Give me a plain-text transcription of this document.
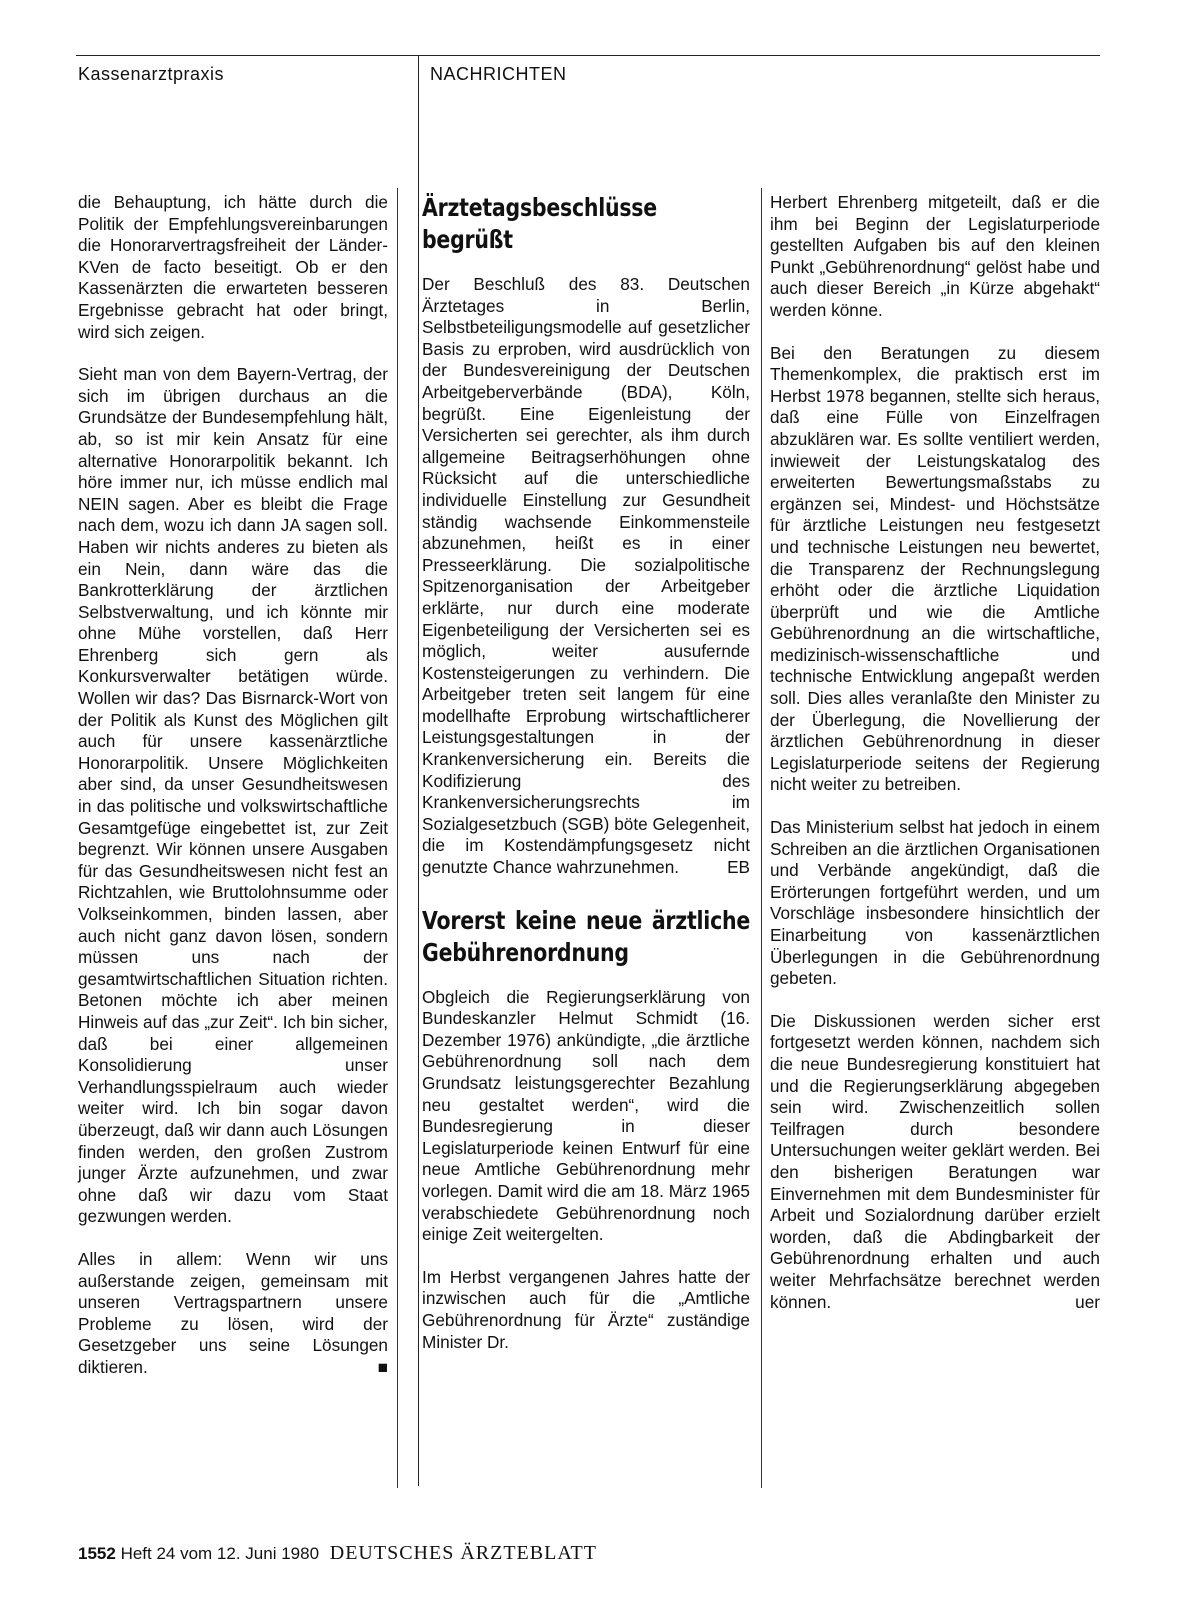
Kassenarztpraxis	NACHRICHTEN

die Behauptung, ich hätte durch die Politik der Empfehlungsvereinbarungen die Honorarvertragsfreiheit der Länder-KVen de facto beseitigt. Ob er den Kassenärzten die erwarteten besseren Ergebnisse gebracht hat oder bringt, wird sich zeigen.

Sieht man von dem Bayern-Vertrag, der sich im übrigen durchaus an die Grundsätze der Bundesempfehlung hält, ab, so ist mir kein Ansatz für eine alternative Honorarpolitik bekannt. Ich höre immer nur, ich müsse endlich mal NEIN sagen. Aber es bleibt die Frage nach dem, wozu ich dann JA sagen soll. Haben wir nichts anderes zu bieten als ein Nein, dann wäre das die Bankrotterklärung der ärztlichen Selbstverwaltung, und ich könnte mir ohne Mühe vorstellen, daß Herr Ehrenberg sich gern als Konkursverwalter betätigen würde. Wollen wir das? Das Bisrnarck-Wort von der Politik als Kunst des Möglichen gilt auch für unsere kassenärztliche Honorarpolitik. Unsere Möglichkeiten aber sind, da unser Gesundheitswesen in das politische und volkswirtschaftliche Gesamtgefüge eingebettet ist, zur Zeit begrenzt. Wir können unsere Ausgaben für das Gesundheitswesen nicht fest an Richtzahlen, wie Bruttolohnsumme oder Volkseinkommen, binden lassen, aber auch nicht ganz davon lösen, sondern müssen uns nach der gesamtwirtschaftlichen Situation richten. Betonen möchte ich aber meinen Hinweis auf das „zur Zeit“. Ich bin sicher, daß bei einer allgemeinen Konsolidierung unser Verhandlungsspielraum auch wieder weiter wird. Ich bin sogar davon überzeugt, daß wir dann auch Lösungen finden werden, den großen Zustrom junger Ärzte aufzunehmen, und zwar ohne daß wir dazu vom Staat gezwungen werden.

Alles in allem: Wenn wir uns außerstande zeigen, gemeinsam mit unseren Vertragspartnern unsere Probleme zu lösen, wird der Gesetzgeber uns seine Lösungen diktieren.	■

Ärztetagsbeschlüsse begrüßt

Der Beschluß des 83. Deutschen Ärztetages in Berlin, Selbstbeteiligungsmodelle auf gesetzlicher Basis zu erproben, wird ausdrücklich von der Bundesvereinigung der Deutschen Arbeitgeberverbände (BDA), Köln, begrüßt. Eine Eigenleistung der Versicherten sei gerechter, als ihm durch allgemeine Beitragserhöhungen ohne Rücksicht auf die unterschiedliche individuelle Einstellung zur Gesundheit ständig wachsende Einkommensteile abzunehmen, heißt es in einer Presseerklärung. Die sozialpolitische Spitzenorganisation der Arbeitgeber erklärte, nur durch eine moderate Eigenbeteiligung der Versicherten sei es möglich, weiter ausufernde Kostensteigerungen zu verhindern. Die Arbeitgeber treten seit langem für eine modellhafte Erprobung wirtschaftlicherer Leistungsgestaltungen in der Krankenversicherung ein. Bereits die Kodifizierung des Krankenversicherungsrechts im Sozialgesetzbuch (SGB) böte Gelegenheit, die im Kostendämpfungsgesetz nicht genutzte Chance wahrzunehmen.	EB

Vorerst keine neue ärztliche Gebührenordnung

Obgleich die Regierungserklärung von Bundeskanzler Helmut Schmidt (16. Dezember 1976) ankündigte, „die ärztliche Gebührenordnung soll nach dem Grundsatz leistungsgerechter Bezahlung neu gestaltet werden“, wird die Bundesregierung in dieser Legislaturperiode keinen Entwurf für eine neue Amtliche Gebührenordnung mehr vorlegen. Damit wird die am 18. März 1965 verabschiedete Gebührenordnung noch einige Zeit weitergelten.

Im Herbst vergangenen Jahres hatte der inzwischen auch für die „Amtliche Gebührenordnung für Ärzte“ zuständige Minister Dr.

Herbert Ehrenberg mitgeteilt, daß er die ihm bei Beginn der Legislaturperiode gestellten Aufgaben bis auf den kleinen Punkt „Gebührenordnung“ gelöst habe und auch dieser Bereich „in Kürze abgehakt“ werden könne.

Bei den Beratungen zu diesem Themenkomplex, die praktisch erst im Herbst 1978 begannen, stellte sich heraus, daß eine Fülle von Einzelfragen abzuklären war. Es sollte ventiliert werden, inwieweit der Leistungskatalog des erweiterten Bewertungsmaßstabs zu ergänzen sei, Mindest- und Höchstsätze für ärztliche Leistungen neu festgesetzt und technische Leistungen neu bewertet, die Transparenz der Rechnungslegung erhöht oder die ärztliche Liquidation überprüft und wie die Amtliche Gebührenordnung an die wirtschaftliche, medizinisch-wissenschaftliche und technische Entwicklung angepaßt werden soll. Dies alles veranlaßte den Minister zu der Überlegung, die Novellierung der ärztlichen Gebührenordnung in dieser Legislaturperiode seitens der Regierung nicht weiter zu betreiben.

Das Ministerium selbst hat jedoch in einem Schreiben an die ärztlichen Organisationen und Verbände angekündigt, daß die Erörterungen fortgeführt werden, und um Vorschläge insbesondere hinsichtlich der Einarbeitung von kassenärztlichen Überlegungen in die Gebührenordnung gebeten.

Die Diskussionen werden sicher erst fortgesetzt werden können, nachdem sich die neue Bundesregierung konstituiert hat und die Regierungserklärung abgegeben sein wird. Zwischenzeitlich sollen Teilfragen durch besondere Untersuchungen weiter geklärt werden. Bei den bisherigen Beratungen war Einvernehmen mit dem Bundesminister für Arbeit und Sozialordnung darüber erzielt worden, daß die Abdingbarkeit der Gebührenordnung erhalten und auch weiter Mehrfachsätze berechnet werden können.	uer

1552 Heft 24 vom 12. Juni 1980 DEUTSCHES ÄRZTEBLATT
